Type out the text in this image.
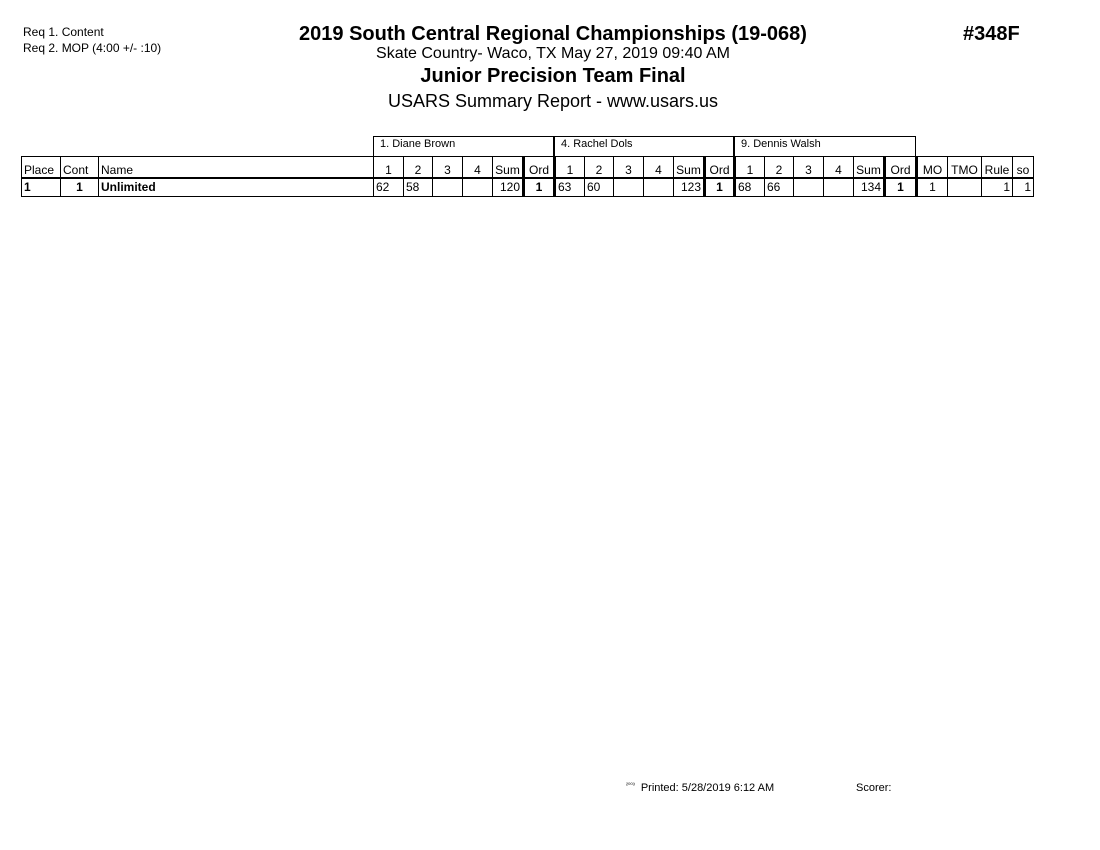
Req 1. Content
Req 2. MOP (4:00 +/- :10)
2019 South Central Regional Championships (19-068)
Skate Country- Waco, TX May 27, 2019 09:40 AM
Junior Precision Team Final
USARS Summary Report - www.usars.us
#348F
1. Diane Brown	4. Rachel Dols	9. Dennis Walsh
Place	Cont	Name	1	2	3	4	Sum	Ord	1	2	3	4	Sum	Ord	1	2	3	4	Sum	Ord	MO	TMO	Rule	so
1	1	Unlimited	62	58			120	1	63	60			123	1	68	66			134	1	1		1	1
$^{^{2003}}$ Printed: 5/28/2019 6:12 AM	Scorer:
